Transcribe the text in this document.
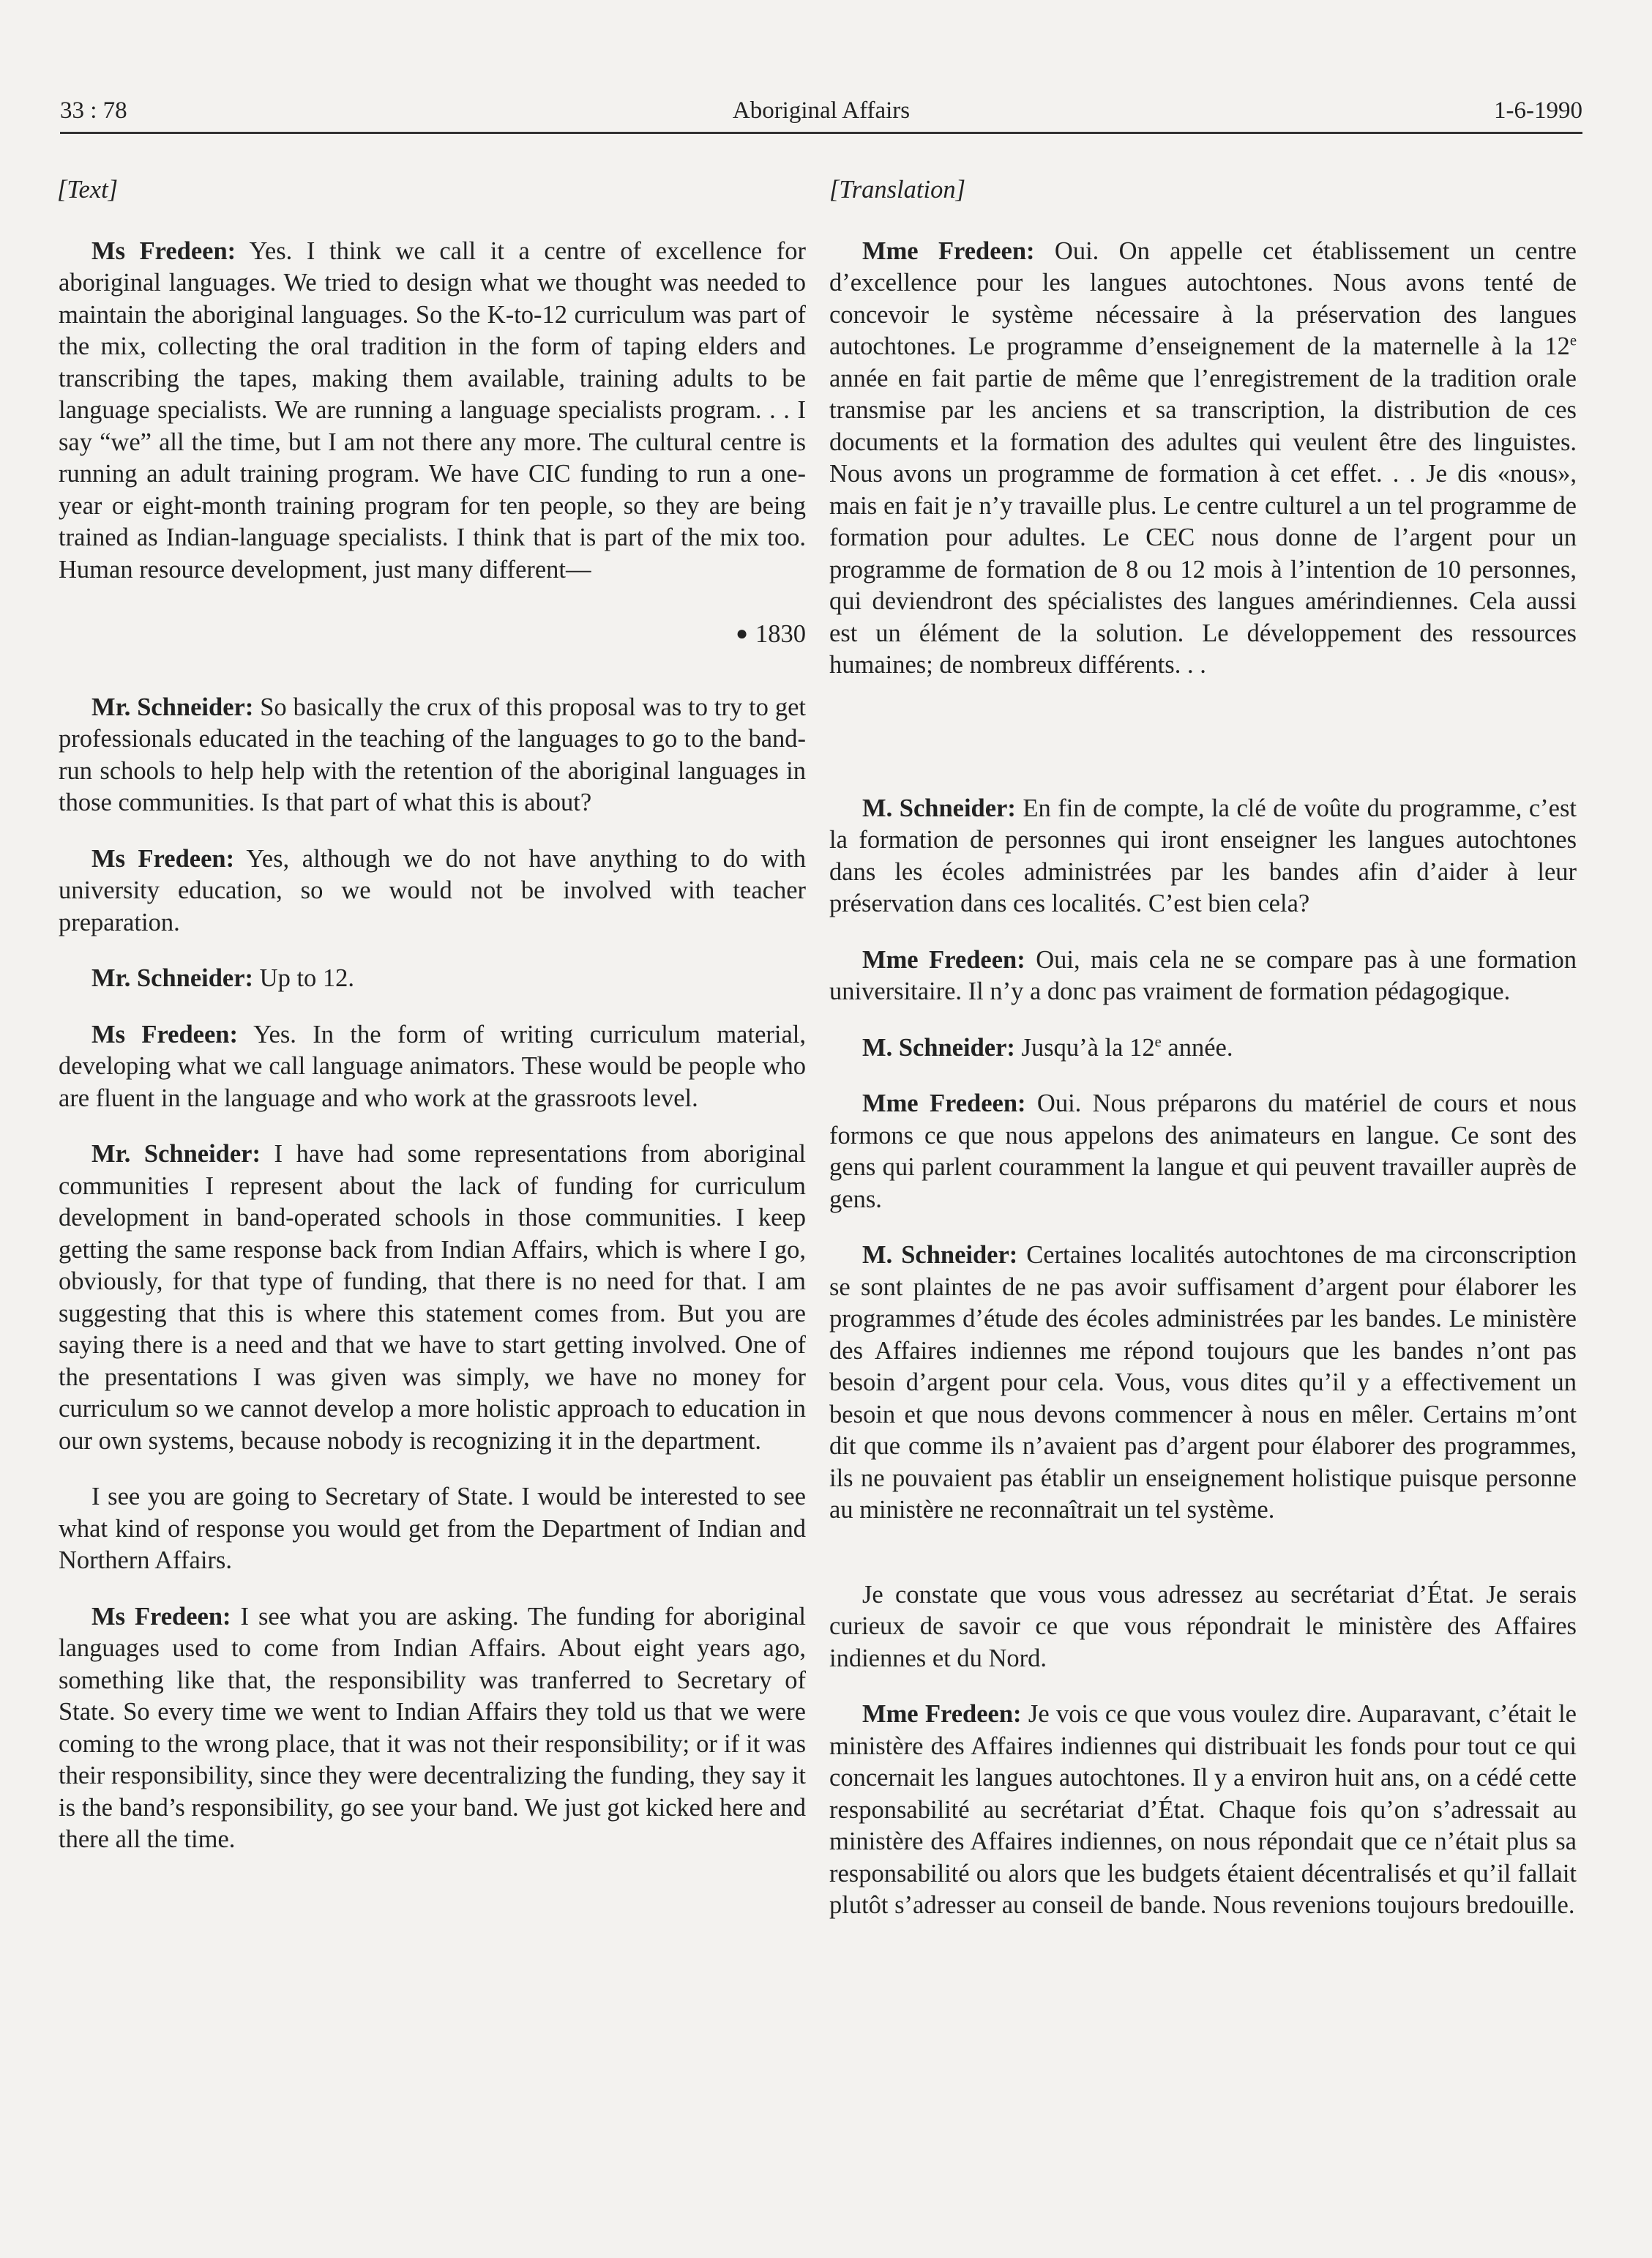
33 : 78	Aboriginal Affairs	1-6-1990
[Text]

Ms Fredeen: Yes. I think we call it a centre of excellence for aboriginal languages. We tried to design what we thought was needed to maintain the aboriginal languages. So the K-to-12 curriculum was part of the mix, collecting the oral tradition in the form of taping elders and transcribing the tapes, making them available, training adults to be language specialists. We are running a language specialists program. . . I say “we” all the time, but I am not there any more. The cultural centre is running an adult training program. We have CIC funding to run a one-year or eight-month training program for ten people, so they are being trained as Indian-language specialists. I think that is part of the mix too. Human resource development, just many different—

● 1830

Mr. Schneider: So basically the crux of this proposal was to try to get professionals educated in the teaching of the languages to go to the band-run schools to help help with the retention of the aboriginal languages in those communities. Is that part of what this is about?

Ms Fredeen: Yes, although we do not have anything to do with university education, so we would not be involved with teacher preparation.

Mr. Schneider: Up to 12.

Ms Fredeen: Yes. In the form of writing curriculum material, developing what we call language animators. These would be people who are fluent in the language and who work at the grassroots level.

Mr. Schneider: I have had some representations from aboriginal communities I represent about the lack of funding for curriculum development in band-operated schools in those communities. I keep getting the same response back from Indian Affairs, which is where I go, obviously, for that type of funding, that there is no need for that. I am suggesting that this is where this statement comes from. But you are saying there is a need and that we have to start getting involved. One of the presentations I was given was simply, we have no money for curriculum so we cannot develop a more holistic approach to education in our own systems, because nobody is recognizing it in the department.

I see you are going to Secretary of State. I would be interested to see what kind of response you would get from the Department of Indian and Northern Affairs.

Ms Fredeen: I see what you are asking. The funding for aboriginal languages used to come from Indian Affairs. About eight years ago, something like that, the responsibility was tranferred to Secretary of State. So every time we went to Indian Affairs they told us that we were coming to the wrong place, that it was not their responsibility; or if it was their responsibility, since they were decentralizing the funding, they say it is the band’s responsibility, go see your band. We just got kicked here and there all the time.

[Translation]

Mme Fredeen: Oui. On appelle cet établissement un centre d’excellence pour les langues autochtones. Nous avons tenté de concevoir le système nécessaire à la préservation des langues autochtones. Le programme d’enseignement de la maternelle à la 12e année en fait partie de même que l’enregistrement de la tradition orale transmise par les anciens et sa transcription, la distribution de ces documents et la formation des adultes qui veulent être des linguistes. Nous avons un programme de formation à cet effet. . . Je dis «nous», mais en fait je n’y travaille plus. Le centre culturel a un tel programme de formation pour adultes. Le CEC nous donne de l’argent pour un programme de formation de 8 ou 12 mois à l’intention de 10 personnes, qui deviendront des spécialistes des langues amérindiennes. Cela aussi est un élément de la solution. Le développement des ressources humaines; de nombreux différents. . .

M. Schneider: En fin de compte, la clé de voûte du programme, c’est la formation de personnes qui iront enseigner les langues autochtones dans les écoles administrées par les bandes afin d’aider à leur préservation dans ces localités. C’est bien cela?

Mme Fredeen: Oui, mais cela ne se compare pas à une formation universitaire. Il n’y a donc pas vraiment de formation pédagogique.

M. Schneider: Jusqu’à la 12e année.

Mme Fredeen: Oui. Nous préparons du matériel de cours et nous formons ce que nous appelons des animateurs en langue. Ce sont des gens qui parlent couramment la langue et qui peuvent travailler auprès de gens.

M. Schneider: Certaines localités autochtones de ma circonscription se sont plaintes de ne pas avoir suffisament d’argent pour élaborer les programmes d’étude des écoles administrées par les bandes. Le ministère des Affaires indiennes me répond toujours que les bandes n’ont pas besoin d’argent pour cela. Vous, vous dites qu’il y a effectivement un besoin et que nous devons commencer à nous en mêler. Certains m’ont dit que comme ils n’avaient pas d’argent pour élaborer des programmes, ils ne pouvaient pas établir un enseignement holistique puisque personne au ministère ne reconnaîtrait un tel système.

Je constate que vous vous adressez au secrétariat d’État. Je serais curieux de savoir ce que vous répondrait le ministère des Affaires indiennes et du Nord.

Mme Fredeen: Je vois ce que vous voulez dire. Auparavant, c’était le ministère des Affaires indiennes qui distribuait les fonds pour tout ce qui concernait les langues autochtones. Il y a environ huit ans, on a cédé cette responsabilité au secrétariat d’État. Chaque fois qu’on s’adressait au ministère des Affaires indiennes, on nous répondait que ce n’était plus sa responsabilité ou alors que les budgets étaient décentralisés et qu’il fallait plutôt s’adresser au conseil de bande. Nous revenions toujours bredouille.
